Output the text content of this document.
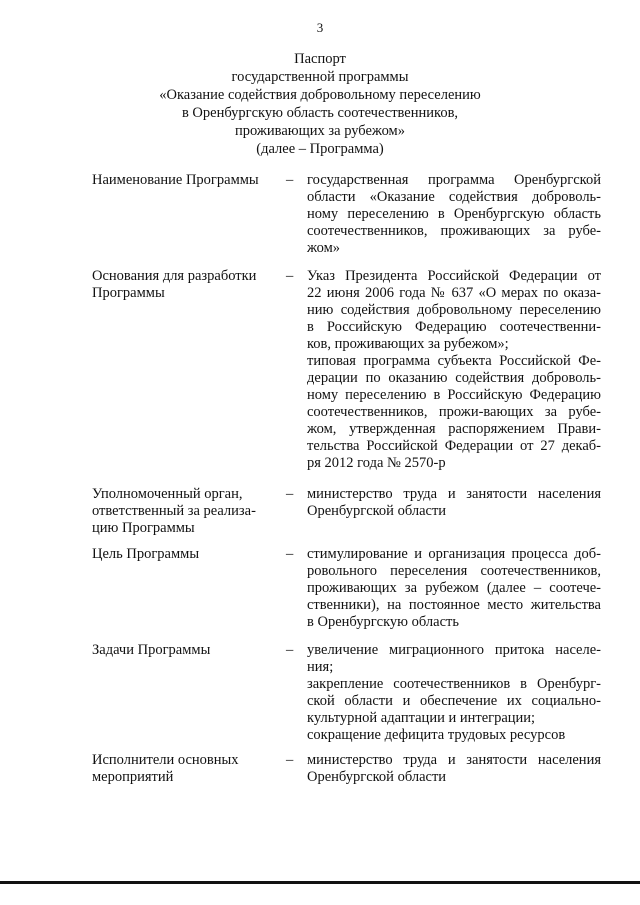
3
Паспорт
государственной программы
«Оказание содействия добровольному переселению
в Оренбургскую область соотечественников,
проживающих за рубежом»
(далее – Программа)
Наименование Программы	– государственная программа Оренбургской
области «Оказание содействия доброволь-
ному переселению в Оренбургскую область
соотечественников, проживающих за рубе-
жом»
Основания для разработки
Программы
– Указ Президента Российской Федерации от
22 июня 2006 года № 637 «О мерах по оказа-
нию содействия добровольному переселению
в Российскую Федерацию соотечественни-
ков, проживающих за рубежом»;
типовая программа субъекта Российской Фе-
дерации по оказанию содействия доброволь-
ному переселению в Российскую Федерацию
соотечественников, прожи-вающих за рубе-
жом, утвержденная распоряжением Прави-
тельства Российской Федерации от 27 декаб-
ря 2012 года № 2570-р
Уполномоченный орган,
ответственный за реализа-
цию Программы
– министерство труда и занятости населения
Оренбургской области
Цель Программы	– стимулирование и организация процесса доб-
ровольного переселения соотечественников,
проживающих за рубежом (далее – соотече-
ственники), на постоянное место жительства
в Оренбургскую область
Задачи Программы	– увеличение миграционного притока населе-
ния;
закрепление соотечественников в Оренбург-
ской области и обеспечение их социально-
культурной адаптации и интеграции;
сокращение дефицита трудовых ресурсов
Исполнители основных
мероприятий
– министерство труда и занятости населения
Оренбургской области
